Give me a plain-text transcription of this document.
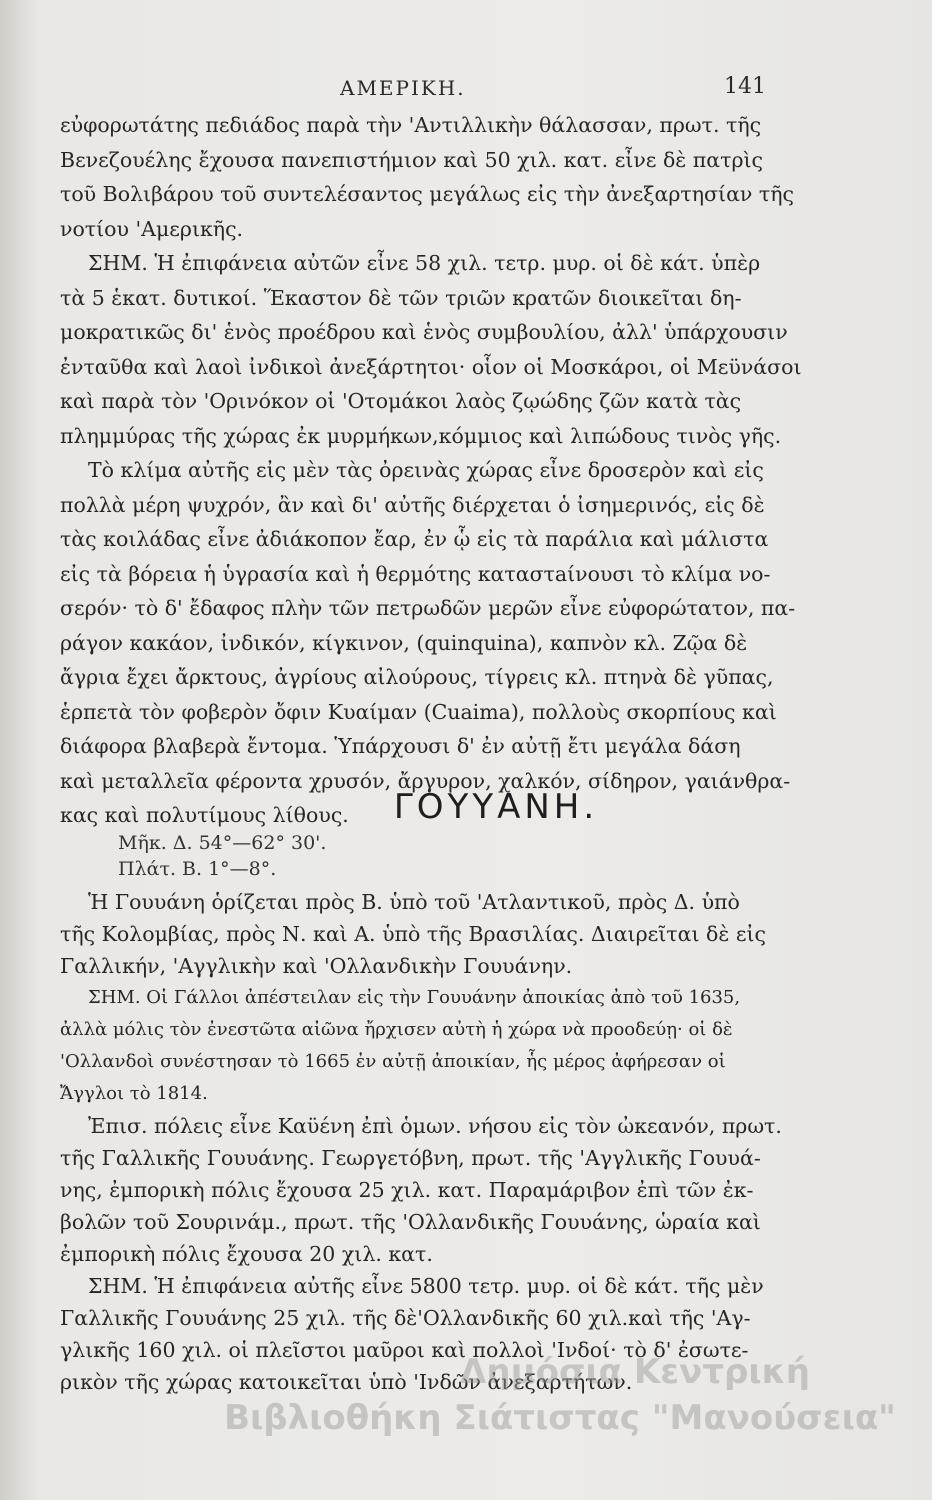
ΑΜΕΡΙΚΗ.	141
εὐφορωτάτης πεδιάδος παρὰ τὴν 'Αντιλλικὴν θάλασσαν, πρωτ. τῆς
Βενεζουέλης ἔχουσα πανεπιστήμιον καὶ 50 χιλ. κατ. εἶνε δὲ πατρὶς
τοῦ Βολιβάρου τοῦ συντελέσαντος μεγάλως εἰς τὴν ἀνεξαρτησίαν τῆς
νοτίου 'Αμερικῆς.
ΣΗΜ. Ἡ ἐπιφάνεια αὐτῶν εἶνε 58 χιλ. τετρ. μυρ. οἱ δὲ κάτ. ὑπὲρ
τὰ 5 ἑκατ. δυτικοί. Ἕκαστον δὲ τῶν τριῶν κρατῶν διοικεῖται δη-
μοκρατικῶς δι' ἑνὸς προέδρου καὶ ἑνὸς συμβουλίου, ἀλλ' ὑπάρχουσιν
ἐνταῦθα καὶ λαοὶ ἰνδικοὶ ἀνεξάρτητοι· οἷον οἱ Μοσκάροι, οἱ Μεϋνάσοι
καὶ παρὰ τὸν 'Ορινόκον οἱ 'Οτομάκοι λαὸς ζῳώδης ζῶν κατὰ τὰς
πλημμύρας τῆς χώρας ἐκ μυρμήκων,κόμμιος καὶ λιπώδους τινὸς γῆς.
Τὸ κλίμα αὐτῆς εἰς μὲν τὰς ὀρεινὰς χώρας εἶνε δροσερὸν καὶ εἰς
πολλὰ μέρη ψυχρόν, ἂν καὶ δι' αὐτῆς διέρχεται ὁ ἰσημερινός, εἰς δὲ
τὰς κοιλάδας εἶνε ἀδιάκοπον ἔαρ, ἐν ᾧ εἰς τὰ παράλια καὶ μάλιστα
εἰς τὰ βόρεια ἡ ὑγρασία καὶ ἡ θερμότης καταστaίνουσι τὸ κλίμα νο-
σερόν· τὸ δ' ἔδαφος πλὴν τῶν πετρωδῶν μερῶν εἶνε εὐφορώτατον, πα-
ράγον κακάον, ἰνδικόν, κίγκινον, (quinquina), καπνὸν κλ. Ζῷα δὲ
ἄγρια ἔχει ἄρκτους, ἀγρίους αἰλούρους, τίγρεις κλ. πτηνὰ δὲ γῦπας,
ἑρπετὰ τὸν φοβερὸν ὄφιν Κυαίμαν (Cuaima), πολλοὺς σκορπίους καὶ
διάφορα βλαβερὰ ἔντομα. Ὑπάρχουσι δ' ἐν αὐτῇ ἔτι μεγάλα δάση
καὶ μεταλλεῖα φέροντα χρυσόν, ἄργυρον, χαλκόν, σίδηρον, γαιάνθρα-
κας καὶ πολυτίμους λίθους.	ΓΟΥΥΑΝΗ.
Μῆκ. Δ. 54°—62° 30'.
Πλάτ. Β. 1°—8°.
Ἡ Γουυάνη ὁρίζεται πρὸς Β. ὑπὸ τοῦ 'Ατλαντικοῦ, πρὸς Δ. ὑπὸ
τῆς Κολομβίας, πρὸς Ν. καὶ Α. ὑπὸ τῆς Βρασιλίας. Διαιρεῖται δὲ εἰς
Γαλλικήν, 'Αγγλικὴν καὶ 'Ολλανδικὴν Γουυάνην.
ΣΗΜ. Οἱ Γάλλοι ἀπέστειλαν εἰς τὴν Γουυάνην ἀποικίας ἀπὸ τοῦ 1635,
ἀλλὰ μόλις τὸν ἐνεστῶτα αἰῶνα ἤρχισεν αὐτὴ ἡ χώρα νὰ προοδεύῃ· οἱ δὲ
'Ολλανδοὶ συνέστησαν τὸ 1665 ἐν αὐτῇ ἀποικίαν, ἧς μέρος ἀφήρεσαν οἱ
Ἄγγλοι τὸ 1814.
Ἐπισ. πόλεις εἶνε Καϋένη ἐπὶ ὁμων. νήσου εἰς τὸν ὠκεανόν, πρωτ.
τῆς Γαλλικῆς Γουυάνης. Γεωργετόβνη, πρωτ. τῆς 'Αγγλικῆς Γουυά-
νης, ἐμπορικὴ πόλις ἔχουσα 25 χιλ. κατ. Παραμάριβον ἐπὶ τῶν ἐκ-
βολῶν τοῦ Σουρινάμ., πρωτ. τῆς 'Ολλανδικῆς Γουυάνης, ὡραία καὶ
ἐμπορικὴ πόλις ἔχουσα 20 χιλ. κατ.
ΣΗΜ. Ἡ ἐπιφάνεια αὐτῆς εἶνε 5800 τετρ. μυρ. οἱ δὲ κάτ. τῆς μὲν
Γαλλικῆς Γουυάνης 25 χιλ. τῆς δὲ'Ολλανδικῆς 60 χιλ.καὶ τῆς 'Αγ-
γλικῆς 160 χιλ. οἱ πλεῖστοι μαῦροι καὶ πολλοὶ 'Ινδοί· τὸ δ' ἐσωτε-
ρικὸν τῆς χώρας κατοικεῖται ὑπὸ 'Ινδῶν ἀνεξαρτήτων.
Δημόσια Κεντρική
Βιβλιοθήκη Σιάτιστας "Μανούσεια"
